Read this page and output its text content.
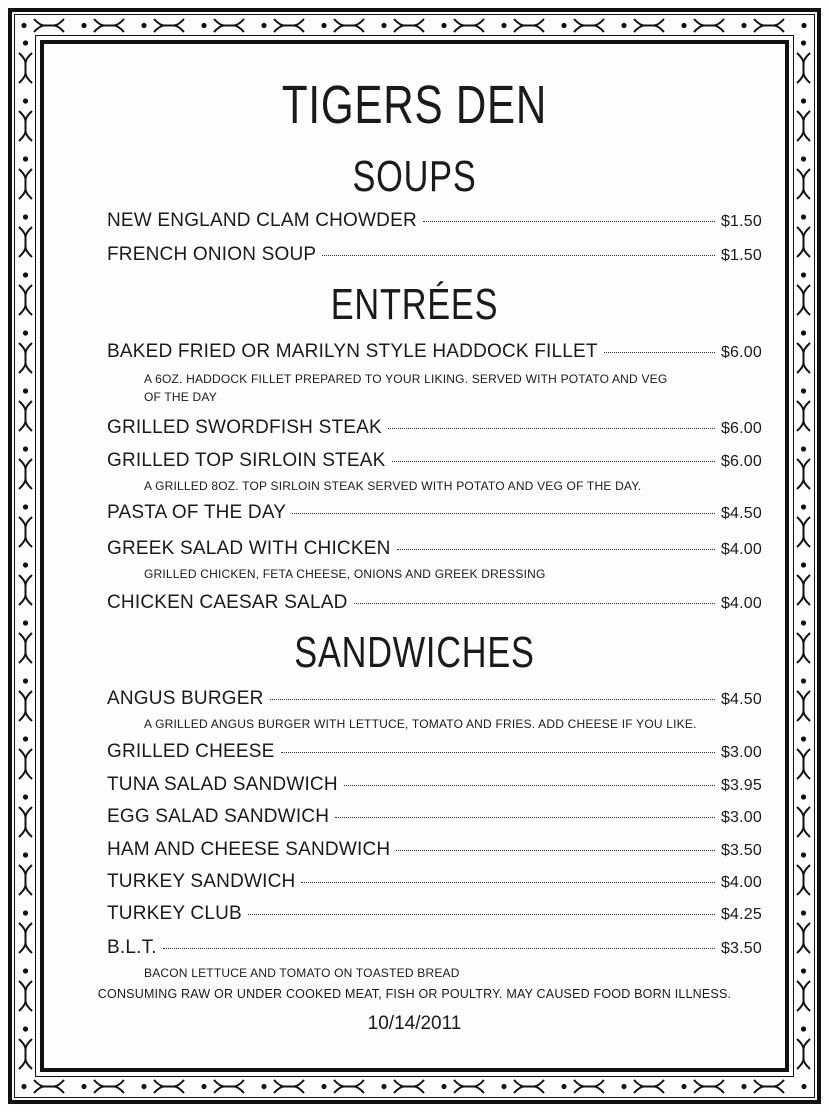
TIGERS DEN
SOUPS
NEW ENGLAND CLAM CHOWDER	$1.50
FRENCH ONION SOUP	$1.50
ENTRÉES
BAKED FRIED OR MARILYN STYLE HADDOCK FILLET	$6.00
A 6OZ. HADDOCK FILLET PREPARED TO YOUR LIKING. SERVED WITH POTATO AND VEG OF THE DAY
GRILLED SWORDFISH STEAK	$6.00
GRILLED TOP SIRLOIN STEAK	$6.00
A GRILLED 8OZ. TOP SIRLOIN STEAK SERVED WITH POTATO AND VEG OF THE DAY.
PASTA OF THE DAY	$4.50
GREEK SALAD WITH CHICKEN	$4.00
GRILLED CHICKEN, FETA CHEESE, ONIONS AND GREEK DRESSING
CHICKEN CAESAR SALAD	$4.00
SANDWICHES
ANGUS BURGER	$4.50
A GRILLED ANGUS BURGER WITH LETTUCE, TOMATO AND FRIES. ADD CHEESE IF YOU LIKE.
GRILLED CHEESE	$3.00
TUNA SALAD SANDWICH	$3.95
EGG SALAD SANDWICH	$3.00
HAM AND CHEESE SANDWICH	$3.50
TURKEY SANDWICH	$4.00
TURKEY CLUB	$4.25
B.L.T.	$3.50
BACON LETTUCE AND TOMATO ON TOASTED BREAD
CONSUMING RAW OR UNDER COOKED MEAT, FISH OR POULTRY. MAY CAUSED FOOD BORN ILLNESS.
10/14/2011
